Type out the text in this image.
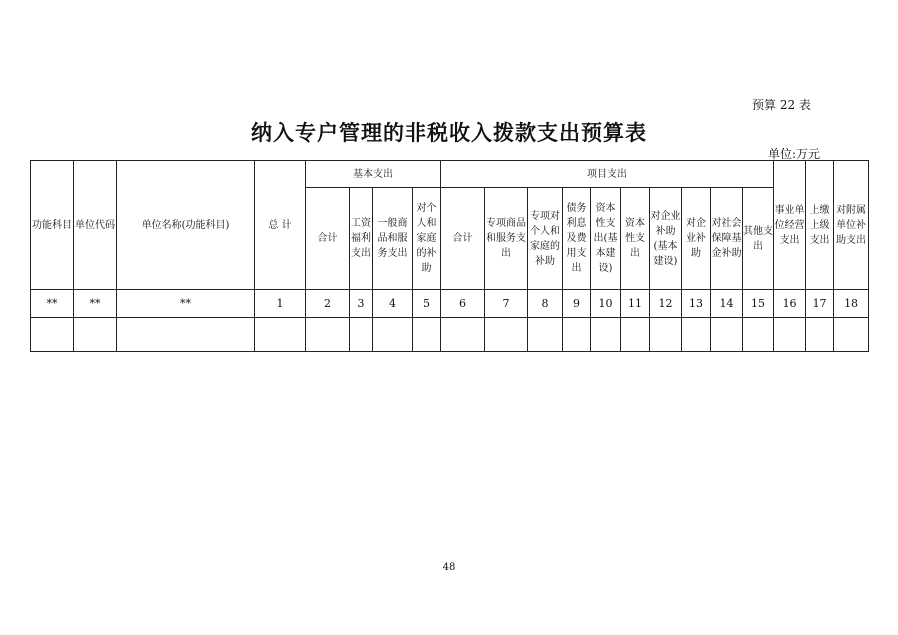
预算 22 表
纳入专户管理的非税收入拨款支出预算表
单位:万元
功能科目	单位代码	单位名称(功能科目)	总 计	基本支出				项目支出										事业单位经营支出	上缴上级支出	对附属单位补助支出
				合计	工资福利支出	一般商品和服务支出	对个人和家庭的补助	合计	专项商品和服务支出	专项对个人和家庭的补助	债务利息及费用支出	资本性支出(基本建设)	资本性支出	对企业补助(基本建设)	对企业补助	对社会保障基金补助	其他支出			
**	**	**	1	2	3	4	5	6	7	8	9	10	11	12	13	14	15	16	17	18

48
